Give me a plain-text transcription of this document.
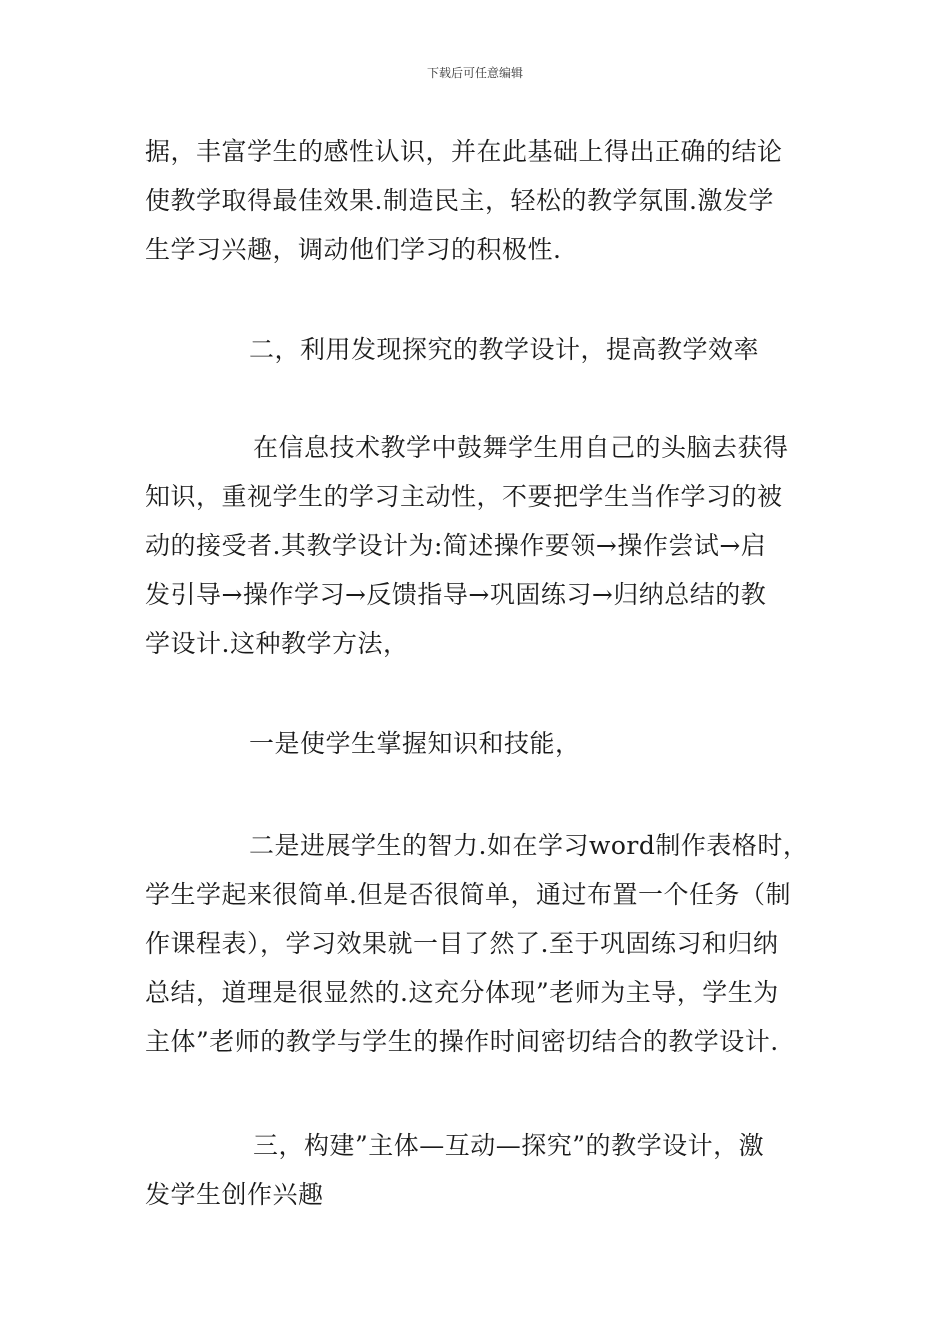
下载后可任意编辑
据，丰富学生的感性认识，并在此基础上得出正确的结论
使教学取得最佳效果.制造民主，轻松的教学氛围.激发学
生学习兴趣，调动他们学习的积极性.
二，利用发现探究的教学设计，提高教学效率
在信息技术教学中鼓舞学生用自己的头脑去获得
知识，重视学生的学习主动性，不要把学生当作学习的被
动的接受者.其教学设计为:简述操作要领→操作尝试→启
发引导→操作学习→反馈指导→巩固练习→归纳总结的教
学设计.这种教学方法，
一是使学生掌握知识和技能，
二是进展学生的智力.如在学习word制作表格时，
学生学起来很简单.但是否很简单，通过布置一个任务（制
作课程表），学习效果就一目了然了.至于巩固练习和归纳
总结，道理是很显然的.这充分体现”老师为主导，学生为
主体”老师的教学与学生的操作时间密切结合的教学设计.
三，构建”主体—互动—探究”的教学设计，激
发学生创作兴趣
